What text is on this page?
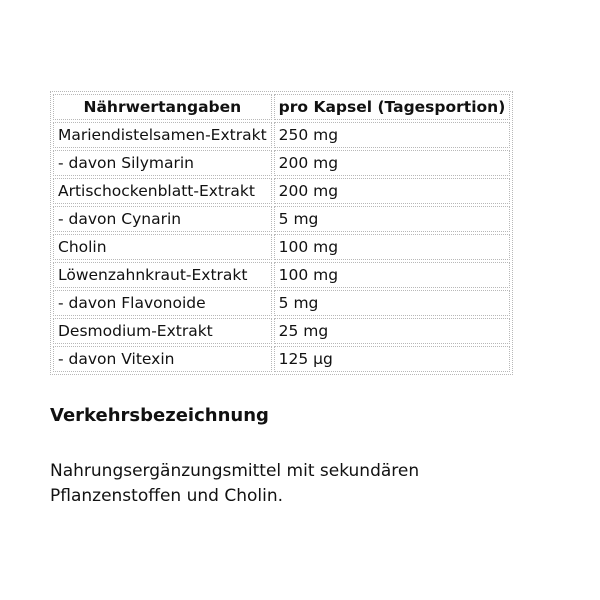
Nährwertangaben	pro Kapsel (Tagesportion)
Mariendistelsamen-Extrakt	250 mg
- davon Silymarin	200 mg
Artischockenblatt-Extrakt	200 mg
- davon Cynarin	5 mg
Cholin	100 mg
Löwenzahnkraut-Extrakt	100 mg
- davon Flavonoide	5 mg
Desmodium-Extrakt	25 mg
- davon Vitexin	125 µg
Verkehrsbezeichnung

Nahrungsergänzungsmittel mit sekundären Pflanzenstoffen und Cholin.
